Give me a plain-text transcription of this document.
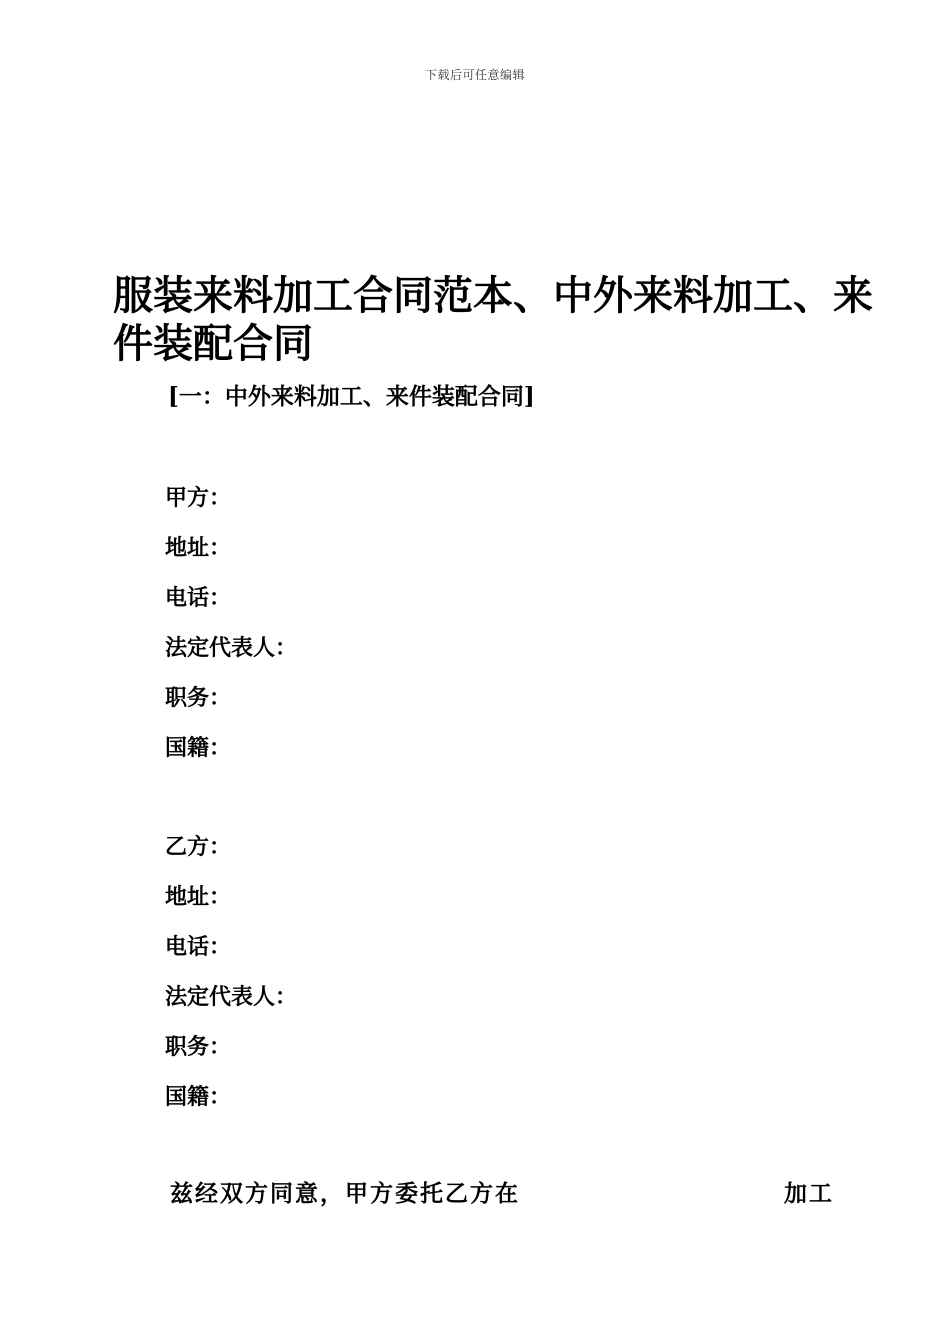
下载后可任意编辑
服装来料加工合同范本、中外来料加工、来件装配合同
[一：中外来料加工、来件装配合同]
甲方：
地址：
电话：
法定代表人：
职务：
国籍：
乙方：
地址：
电话：
法定代表人：
职务：
国籍：
兹经双方同意，甲方委托乙方在	加工
